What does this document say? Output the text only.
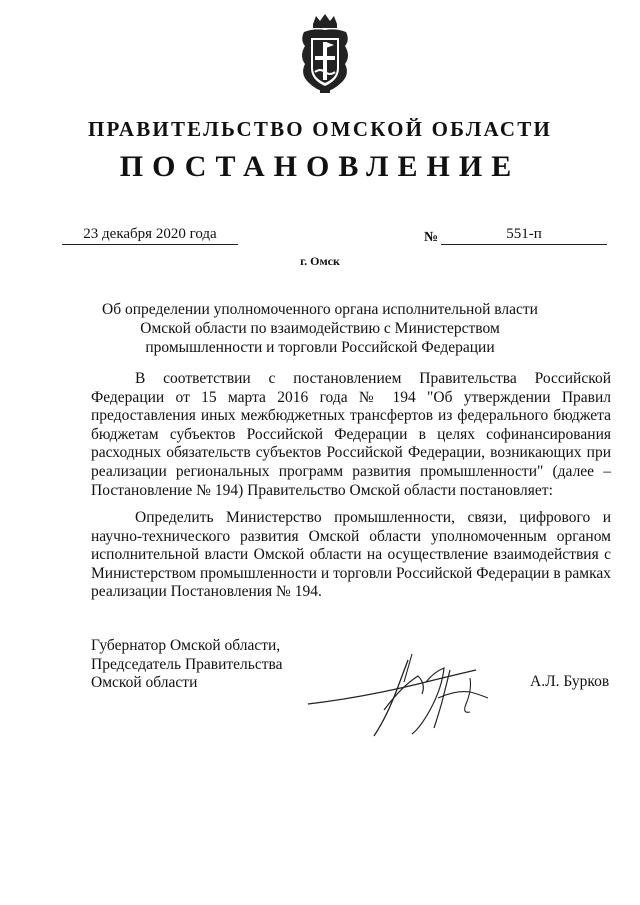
ПРАВИТЕЛЬСТВО ОМСКОЙ ОБЛАСТИ
ПОСТАНОВЛЕНИЕ
23 декабря 2020 года	№	551-п
г. Омск
Об определении уполномоченного органа исполнительной власти
Омской области по взаимодействию с Министерством
промышленности и торговли Российской Федерации

В соответствии с постановлением Правительства Российской Федерации от 15 марта 2016 года № 194 "Об утверждении Правил предоставления иных межбюджетных трансфертов из федерального бюджета бюджетам субъектов Российской Федерации в целях софинансирования расходных обязательств субъектов Российской Федерации, возникающих при реализации региональных программ развития промышленности" (далее – Постановление № 194) Правительство Омской области постановляет:

Определить Министерство промышленности, связи, цифрового и научно-технического развития Омской области уполномоченным органом исполнительной власти Омской области на осуществление взаимодействия с Министерством промышленности и торговли Российской Федерации в рамках реализации Постановления № 194.

Губернатор Омской области,
Председатель Правительства
Омской области	А.Л. Бурков
